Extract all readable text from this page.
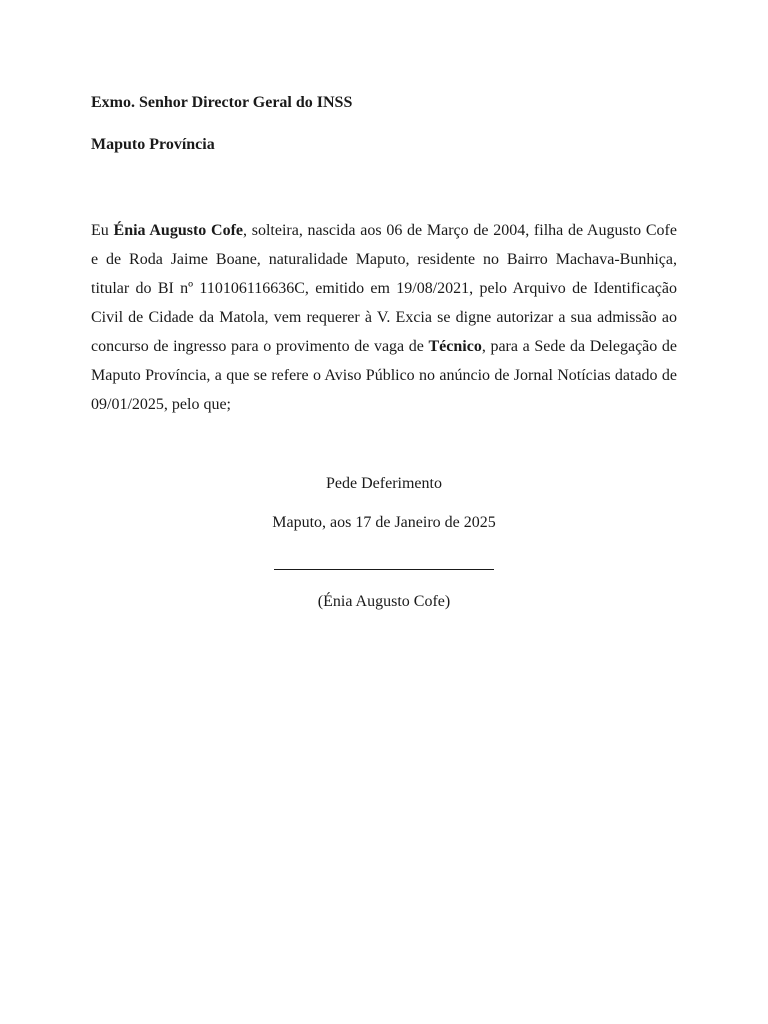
Exmo. Senhor Director Geral do INSS

Maputo Província

Eu Énia Augusto Cofe, solteira, nascida aos 06 de Março de 2004, filha de Augusto Cofe e de Roda Jaime Boane, naturalidade Maputo, residente no Bairro Machava-Bunhiça, titular do BI nº 110106116636C, emitido em 19/08/2021, pelo Arquivo de Identificação Civil de Cidade da Matola, vem requerer à V. Excia se digne autorizar a sua admissão ao concurso de ingresso para o provimento de vaga de Técnico, para a Sede da Delegação de Maputo Província, a que se refere o Aviso Público no anúncio de Jornal Notícias datado de 09/01/2025, pelo que;

Pede Deferimento

Maputo, aos 17 de Janeiro de 2025

(Énia Augusto Cofe)
